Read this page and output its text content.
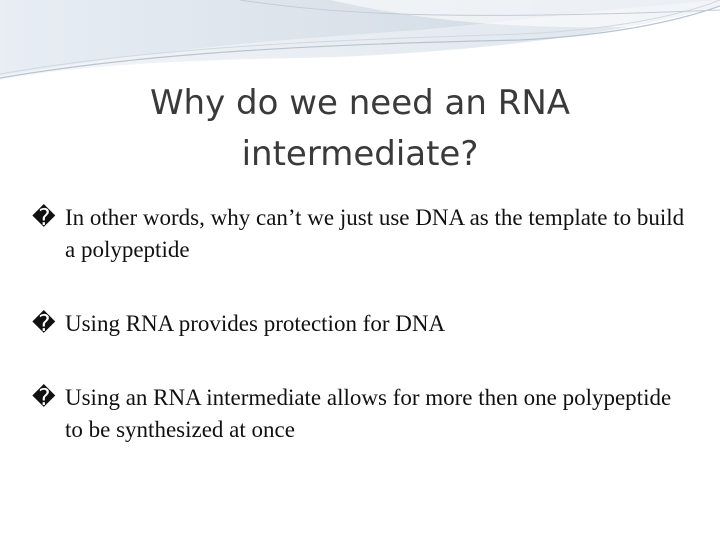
Why do we need an RNA
intermediate?
� In other words, why can’t we just use DNA as the template to build a polypeptide
� Using RNA provides protection for DNA
� Using an RNA intermediate allows for more then one polypeptide to be synthesized at once
